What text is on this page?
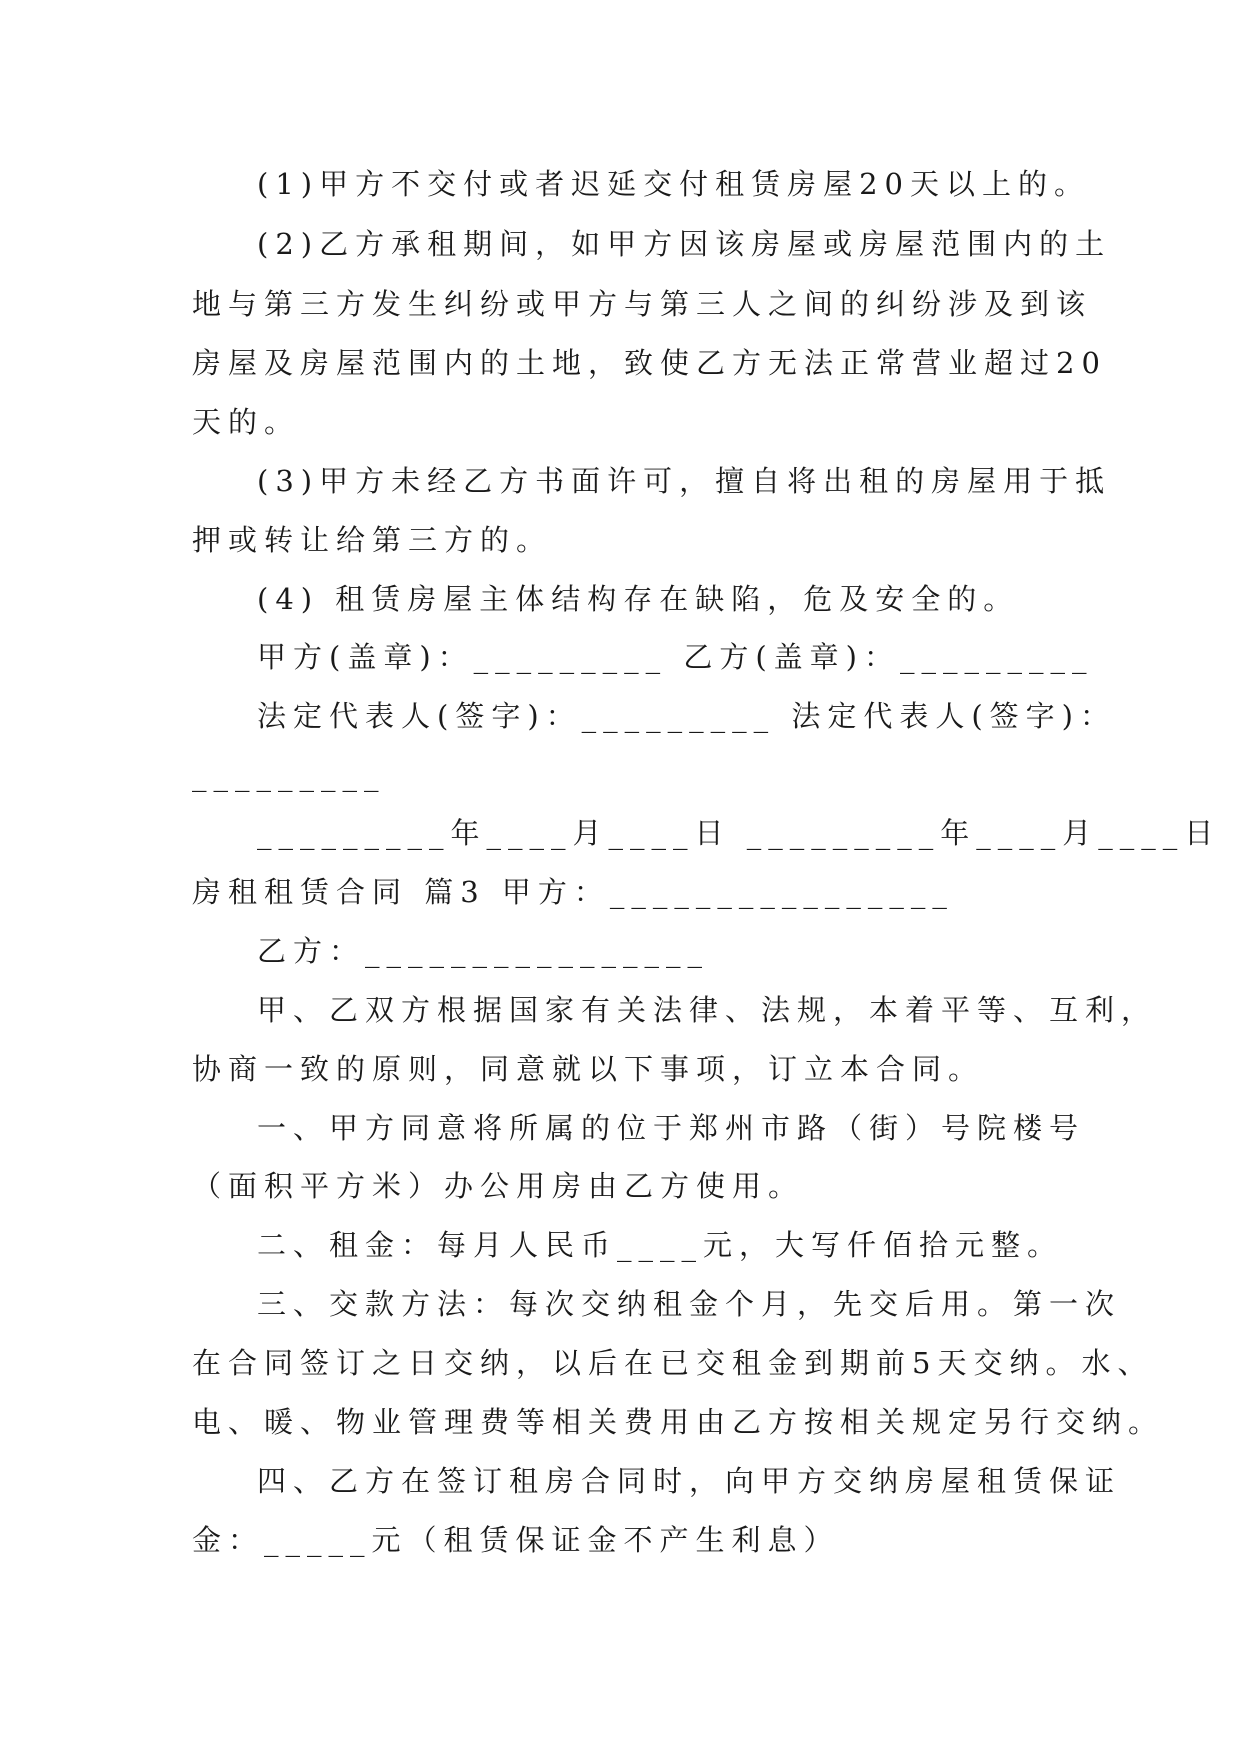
(1)甲方不交付或者迟延交付租赁房屋20天以上的。
(2)乙方承租期间，如甲方因该房屋或房屋范围内的土
地与第三方发生纠纷或甲方与第三人之间的纠纷涉及到该
房屋及房屋范围内的土地，致使乙方无法正常营业超过20
天的。
(3)甲方未经乙方书面许可，擅自将出租的房屋用于抵
押或转让给第三方的。
(4) 租赁房屋主体结构存在缺陷，危及安全的。
甲方(盖章)：_________ 乙方(盖章)：_________
法定代表人(签字)：_________ 法定代表人(签字)：
_________
_________年____月____日 _________年____月____日
房租租赁合同 篇3 甲方：________________
乙方：________________
甲、乙双方根据国家有关法律、法规，本着平等、互利，
协商一致的原则，同意就以下事项，订立本合同。
一、甲方同意将所属的位于郑州市路（街）号院楼号
（面积平方米）办公用房由乙方使用。
二、租金：每月人民币____元，大写仟佰拾元整。
三、交款方法：每次交纳租金个月，先交后用。第一次
在合同签订之日交纳，以后在已交租金到期前5天交纳。水、
电、暖、物业管理费等相关费用由乙方按相关规定另行交纳。
四、乙方在签订租房合同时，向甲方交纳房屋租赁保证
金：_____元（租赁保证金不产生利息）
